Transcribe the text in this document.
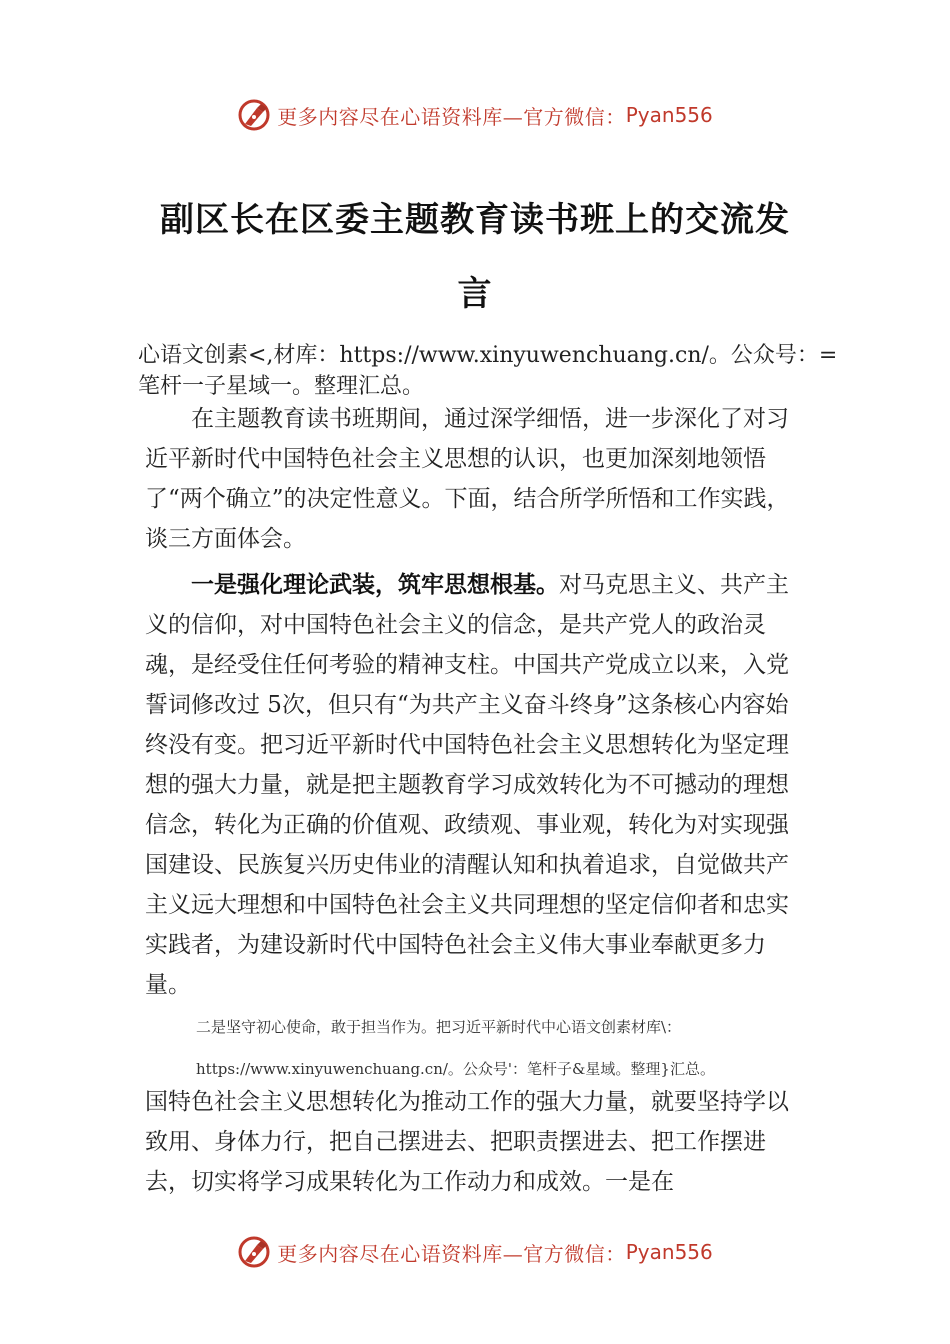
更多内容尽在心语资料库—官方微信： Pyan556
副区长在区委主题教育读书班上的交流发言
心语文创素<,材库：https://www.xinyuwenchuang.cn/。公众号：=笔杆一子星域一。整理汇总。

在主题教育读书班期间，通过深学细悟，进一步深化了对习近平新时代中国特色社会主义思想的认识，也更加深刻地领悟了“两个确立”的决定性意义。下面，结合所学所悟和工作实践，谈三方面体会。

一是强化理论武装，筑牢思想根基。对马克思主义、共产主义的信仰，对中国特色社会主义的信念，是共产党人的政治灵魂，是经受住任何考验的精神支柱。中国共产党成立以来，入党誓词修改过 5次，但只有“为共产主义奋斗终身”这条核心内容始终没有变。把习近平新时代中国特色社会主义思想转化为坚定理想的强大力量，就是把主题教育学习成效转化为不可撼动的理想信念，转化为正确的价值观、政绩观、事业观，转化为对实现强国建设、民族复兴历史伟业的清醒认知和执着追求，自觉做共产主义远大理想和中国特色社会主义共同理想的坚定信仰者和忠实实践者，为建设新时代中国特色社会主义伟大事业奉献更多力量。

二是坚守初心使命，敢于担当作为。把习近平新时代中心语文创素材库\：
https://www.xinyuwenchuang.cn/。公众号'：笔杆子&星域。整理}汇总。

国特色社会主义思想转化为推动工作的强大力量，就要坚持学以致用、身体力行，把自己摆进去、把职责摆进去、把工作摆进去，切实将学习成果转化为工作动力和成效。一是在

更多内容尽在心语资料库—官方微信： Pyan556
